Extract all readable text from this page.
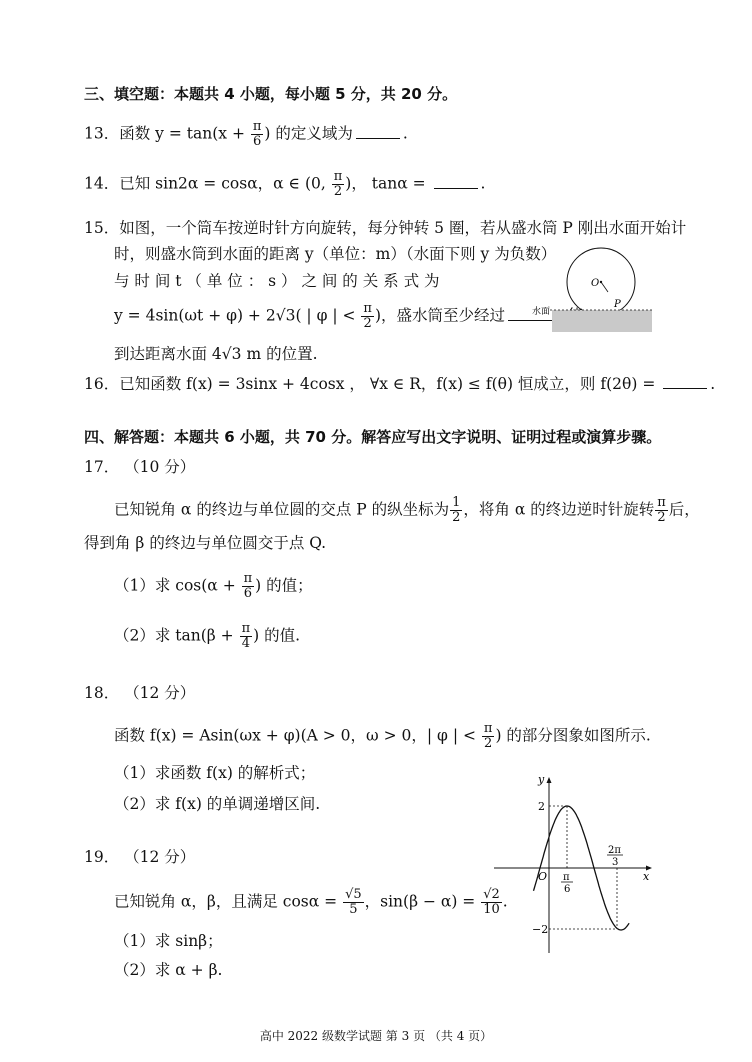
三、填空题：本题共 4 小题，每小题 5 分，共 20 分。
13．函数 $y = \tan(x + \frac{\pi}{6}$ ) 的定义域为	.
14．已知 sin2α = cosα，α ∈ (0, $\frac{\pi}{2}$ )， tanα =	.
15．如图，一个筒车按逆时针方向旋转，每分钟转 5 圈，若从盛水筒 P 刚出水面开始计
时，则盛水筒到水面的距离 y（单位：m）（水面下则 y 为负数）
与 时 间 t （ 单 位 ： s ） 之 间 的 关 系 式 为
y = 4sin(ωt + φ) + 2√3( | φ | < $\frac{\pi}{2}$ )，盛水筒至少经过
到达距离水面 4√3 m 的位置.
O
P
水面
16．已知函数 f(x) = 3sinx + 4cosx ， ∀x ∈ R，f(x) ≤ f(θ) 恒成立，则 f(2θ) =	.
四、解答题：本题共 6 小题，共 70 分。解答应写出文字说明、证明过程或演算步骤。
17． （10 分）
已知锐角 α 的终边与单位圆的交点 P 的纵坐标为 $\frac{1}{2}$ ，将角 α 的终边逆时针旋转 $\frac{\pi}{2}$ 后，
得到角 β 的终边与单位圆交于点 Q.
（1）求 $\cos(\alpha + \frac{\pi}{6}$ ) 的值；
（2）求 $\tan(\beta + \frac{\pi}{4}$ ) 的值.
18． （12 分）
函数 f(x) = Asin(ωx + φ)(A > 0，ω > 0，| φ | < $\frac{\pi}{2}$ ) 的部分图象如图所示.
（1）求函数 f(x) 的解析式；
（2）求 f(x) 的单调递增区间.
y
x
O
2
−2
π
6
2π
3
19． （12 分）
已知锐角 α，β，且满足 $\cos\alpha = \frac{√5}{5}$ ，$\sin(\beta - \alpha) = \frac{√2}{10}$ .
（1）求 sinβ；
（2）求 α + β.
高中 2022 级数学试题 第 3 页 （共 4 页）
